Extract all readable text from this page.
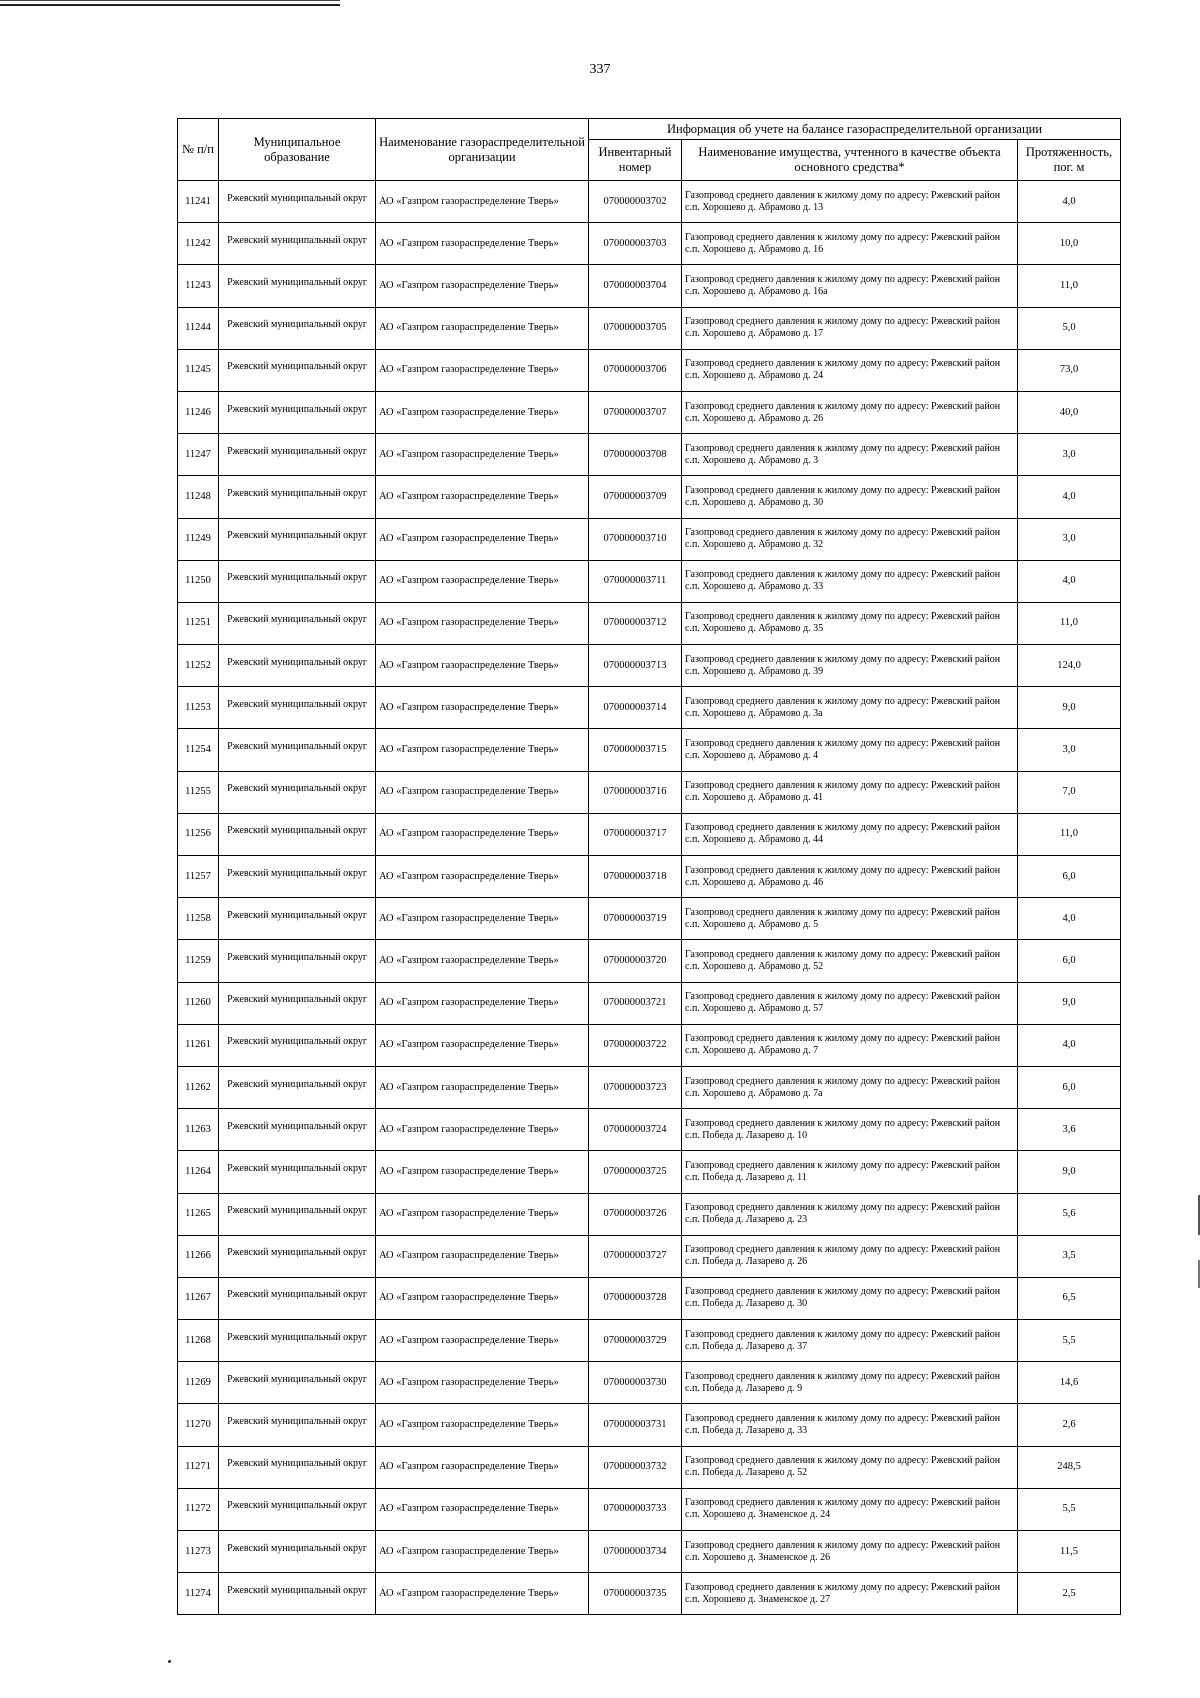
337
№ п/п	Муниципальное образование	Наименование газораспределительной организации	Информация об учете на балансе газораспределительной организации		
			Инвентарный номер	Наименование имущества, учтенного в качестве объекта основного средства*	Протяженность, пог. м
11241	Ржевский муниципальный округ	АО «Газпром газораспределение Тверь»	070000003702	Газопровод среднего давления к жилому дому по адресу: Ржевский район с.п. Хорошево д. Абрамово д. 13	4,0
11242	Ржевский муниципальный округ	АО «Газпром газораспределение Тверь»	070000003703	Газопровод среднего давления к жилому дому по адресу: Ржевский район с.п. Хорошево д. Абрамово д. 16	10,0
11243	Ржевский муниципальный округ	АО «Газпром газораспределение Тверь»	070000003704	Газопровод среднего давления к жилому дому по адресу: Ржевский район с.п. Хорошево д. Абрамово д. 16а	11,0
11244	Ржевский муниципальный округ	АО «Газпром газораспределение Тверь»	070000003705	Газопровод среднего давления к жилому дому по адресу: Ржевский район с.п. Хорошево д. Абрамово д. 17	5,0
11245	Ржевский муниципальный округ	АО «Газпром газораспределение Тверь»	070000003706	Газопровод среднего давления к жилому дому по адресу: Ржевский район с.п. Хорошево д. Абрамово д. 24	73,0
11246	Ржевский муниципальный округ	АО «Газпром газораспределение Тверь»	070000003707	Газопровод среднего давления к жилому дому по адресу: Ржевский район с.п. Хорошево д. Абрамово д. 26	40,0
11247	Ржевский муниципальный округ	АО «Газпром газораспределение Тверь»	070000003708	Газопровод среднего давления к жилому дому по адресу: Ржевский район с.п. Хорошево д. Абрамово д. 3	3,0
11248	Ржевский муниципальный округ	АО «Газпром газораспределение Тверь»	070000003709	Газопровод среднего давления к жилому дому по адресу: Ржевский район с.п. Хорошево д. Абрамово д. 30	4,0
11249	Ржевский муниципальный округ	АО «Газпром газораспределение Тверь»	070000003710	Газопровод среднего давления к жилому дому по адресу: Ржевский район с.п. Хорошево д. Абрамово д. 32	3,0
11250	Ржевский муниципальный округ	АО «Газпром газораспределение Тверь»	070000003711	Газопровод среднего давления к жилому дому по адресу: Ржевский район с.п. Хорошево д. Абрамово д. 33	4,0
11251	Ржевский муниципальный округ	АО «Газпром газораспределение Тверь»	070000003712	Газопровод среднего давления к жилому дому по адресу: Ржевский район с.п. Хорошево д. Абрамово д. 35	11,0
11252	Ржевский муниципальный округ	АО «Газпром газораспределение Тверь»	070000003713	Газопровод среднего давления к жилому дому по адресу: Ржевский район с.п. Хорошево д. Абрамово д. 39	124,0
11253	Ржевский муниципальный округ	АО «Газпром газораспределение Тверь»	070000003714	Газопровод среднего давления к жилому дому по адресу: Ржевский район с.п. Хорошево д. Абрамово д. 3а	9,0
11254	Ржевский муниципальный округ	АО «Газпром газораспределение Тверь»	070000003715	Газопровод среднего давления к жилому дому по адресу: Ржевский район с.п. Хорошево д. Абрамово д. 4	3,0
11255	Ржевский муниципальный округ	АО «Газпром газораспределение Тверь»	070000003716	Газопровод среднего давления к жилому дому по адресу: Ржевский район с.п. Хорошево д. Абрамово д. 41	7,0
11256	Ржевский муниципальный округ	АО «Газпром газораспределение Тверь»	070000003717	Газопровод среднего давления к жилому дому по адресу: Ржевский район с.п. Хорошево д. Абрамово д. 44	11,0
11257	Ржевский муниципальный округ	АО «Газпром газораспределение Тверь»	070000003718	Газопровод среднего давления к жилому дому по адресу: Ржевский район с.п. Хорошево д. Абрамово д. 46	6,0
11258	Ржевский муниципальный округ	АО «Газпром газораспределение Тверь»	070000003719	Газопровод среднего давления к жилому дому по адресу: Ржевский район с.п. Хорошево д. Абрамово д. 5	4,0
11259	Ржевский муниципальный округ	АО «Газпром газораспределение Тверь»	070000003720	Газопровод среднего давления к жилому дому по адресу: Ржевский район с.п. Хорошево д. Абрамово д. 52	6,0
11260	Ржевский муниципальный округ	АО «Газпром газораспределение Тверь»	070000003721	Газопровод среднего давления к жилому дому по адресу: Ржевский район с.п. Хорошево д. Абрамово д. 57	9,0
11261	Ржевский муниципальный округ	АО «Газпром газораспределение Тверь»	070000003722	Газопровод среднего давления к жилому дому по адресу: Ржевский район с.п. Хорошево д. Абрамово д. 7	4,0
11262	Ржевский муниципальный округ	АО «Газпром газораспределение Тверь»	070000003723	Газопровод среднего давления к жилому дому по адресу: Ржевский район с.п. Хорошево д. Абрамово д. 7а	6,0
11263	Ржевский муниципальный округ	АО «Газпром газораспределение Тверь»	070000003724	Газопровод среднего давления к жилому дому по адресу: Ржевский район с.п. Победа д. Лазарево д. 10	3,6
11264	Ржевский муниципальный округ	АО «Газпром газораспределение Тверь»	070000003725	Газопровод среднего давления к жилому дому по адресу: Ржевский район с.п. Победа д. Лазарево д. 11	9,0
11265	Ржевский муниципальный округ	АО «Газпром газораспределение Тверь»	070000003726	Газопровод среднего давления к жилому дому по адресу: Ржевский район с.п. Победа д. Лазарево д. 23	5,6
11266	Ржевский муниципальный округ	АО «Газпром газораспределение Тверь»	070000003727	Газопровод среднего давления к жилому дому по адресу: Ржевский район с.п. Победа д. Лазарево д. 26	3,5
11267	Ржевский муниципальный округ	АО «Газпром газораспределение Тверь»	070000003728	Газопровод среднего давления к жилому дому по адресу: Ржевский район с.п. Победа д. Лазарево д. 30	6,5
11268	Ржевский муниципальный округ	АО «Газпром газораспределение Тверь»	070000003729	Газопровод среднего давления к жилому дому по адресу: Ржевский район с.п. Победа д. Лазарево д. 37	5,5
11269	Ржевский муниципальный округ	АО «Газпром газораспределение Тверь»	070000003730	Газопровод среднего давления к жилому дому по адресу: Ржевский район с.п. Победа д. Лазарево д. 9	14,6
11270	Ржевский муниципальный округ	АО «Газпром газораспределение Тверь»	070000003731	Газопровод среднего давления к жилому дому по адресу: Ржевский район с.п. Победа д. Лазарево д. 33	2,6
11271	Ржевский муниципальный округ	АО «Газпром газораспределение Тверь»	070000003732	Газопровод среднего давления к жилому дому по адресу: Ржевский район с.п. Победа д. Лазарево д. 52	248,5
11272	Ржевский муниципальный округ	АО «Газпром газораспределение Тверь»	070000003733	Газопровод среднего давления к жилому дому по адресу: Ржевский район с.п. Хорошево д. Знаменское д. 24	5,5
11273	Ржевский муниципальный округ	АО «Газпром газораспределение Тверь»	070000003734	Газопровод среднего давления к жилому дому по адресу: Ржевский район с.п. Хорошево д. Знаменское д. 26	11,5
11274	Ржевский муниципальный округ	АО «Газпром газораспределение Тверь»	070000003735	Газопровод среднего давления к жилому дому по адресу: Ржевский район с.п. Хорошево д. Знаменское д. 27	2,5
